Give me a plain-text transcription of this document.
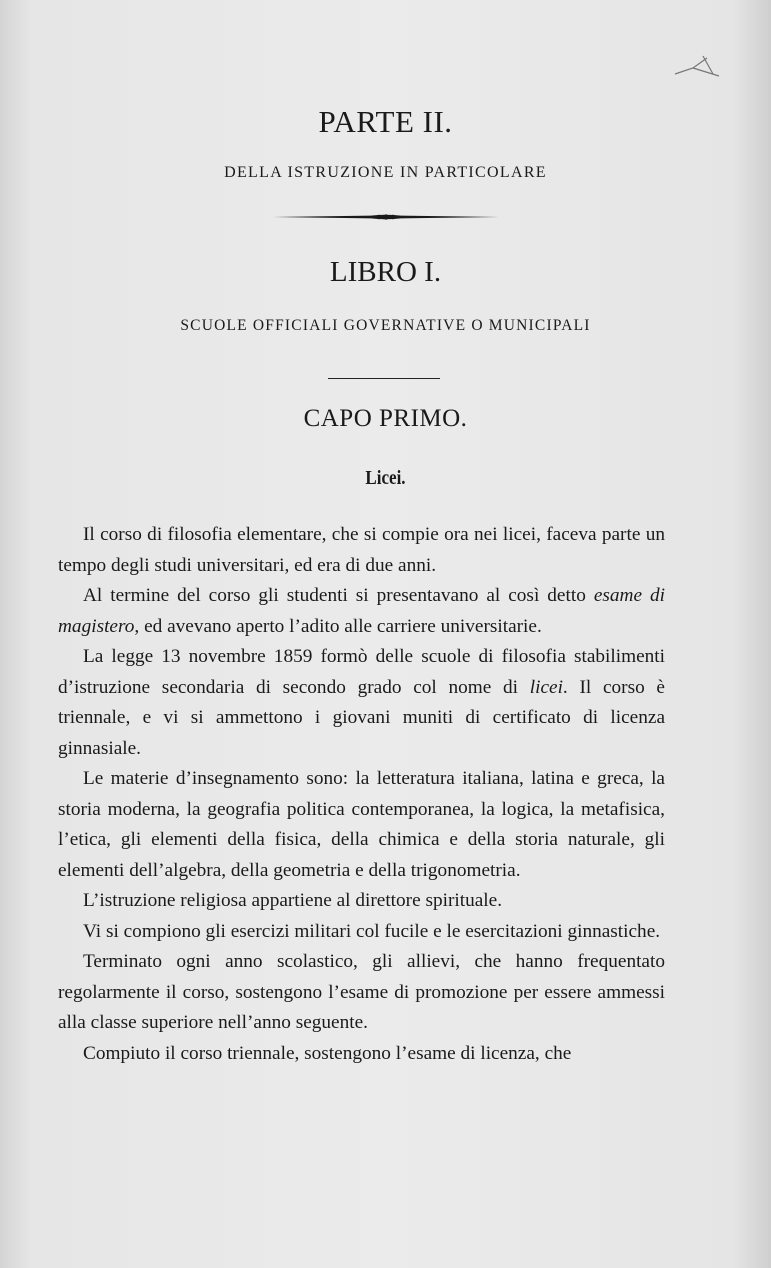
PARTE II.
DELLA ISTRUZIONE IN PARTICOLARE
LIBRO I.
SCUOLE OFFICIALI GOVERNATIVE O MUNICIPALI
CAPO PRIMO.
Licei.

Il corso di filosofia elementare, che si compie ora nei licei, faceva parte un tempo degli studi universitari, ed era di due anni.

Al termine del corso gli studenti si presentavano al così detto esame di magistero, ed avevano aperto l’adito alle carriere universitarie.

La legge 13 novembre 1859 formò delle scuole di filosofia stabilimenti d’istruzione secondaria di secondo grado col nome di licei. Il corso è triennale, e vi si ammettono i giovani muniti di certificato di licenza ginnasiale.

Le materie d’insegnamento sono: la letteratura italiana, latina e greca, la storia moderna, la geografia politica contemporanea, la logica, la metafisica, l’etica, gli elementi della fisica, della chimica e della storia naturale, gli elementi dell’algebra, della geometria e della trigonometria.

L’istruzione religiosa appartiene al direttore spirituale.

Vi si compiono gli esercizi militari col fucile e le esercitazioni ginnastiche.

Terminato ogni anno scolastico, gli allievi, che hanno frequentato regolarmente il corso, sostengono l’esame di promozione per essere ammessi alla classe superiore nell’anno seguente.

Compiuto il corso triennale, sostengono l’esame di licenza, che
